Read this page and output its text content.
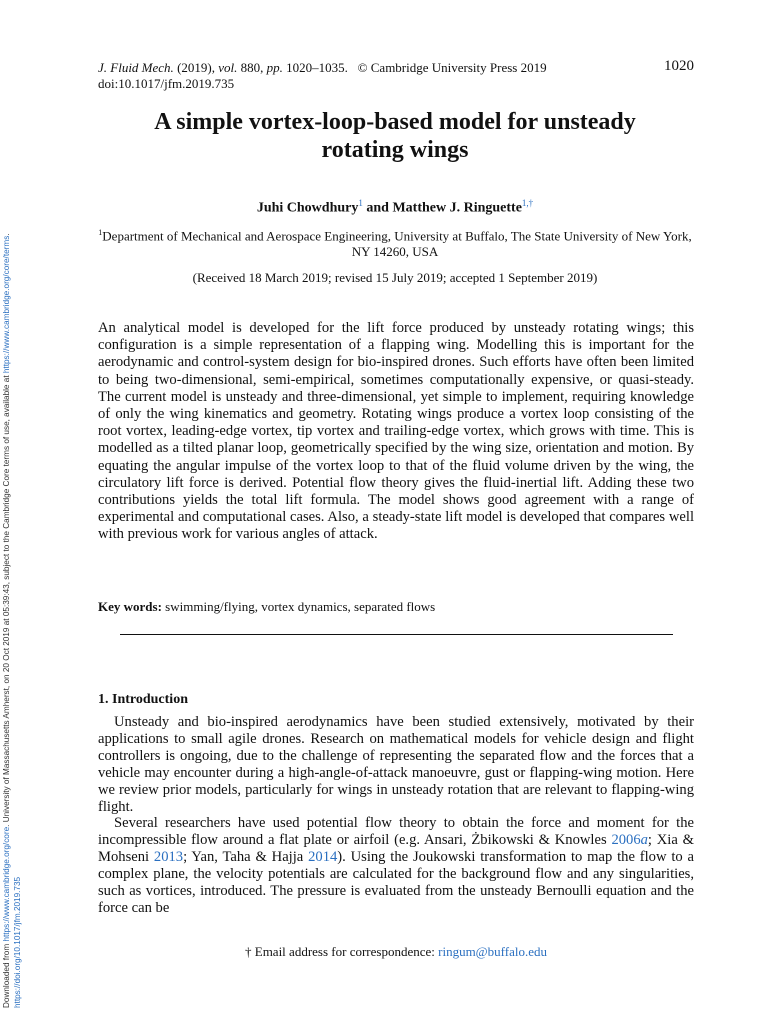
Downloaded from https://www.cambridge.org/core. University of Massachusetts Amherst, on 20 Oct 2019 at 05:39:43, subject to the Cambridge Core terms of use, available at https://www.cambridge.org/core/terms.
https://doi.org/10.1017/jfm.2019.735
J. Fluid Mech. (2019), vol. 880, pp. 1020–1035. © Cambridge University Press 2019
doi:10.1017/jfm.2019.735
1020
A simple vortex-loop-based model for unsteady
rotating wings
Juhi Chowdhury$^1$ and Matthew J. Ringuette$^{1,\dagger}$
$^1$Department of Mechanical and Aerospace Engineering, University at Buffalo, The State University of New York, NY 14260, USA
(Received 18 March 2019; revised 15 July 2019; accepted 1 September 2019)
An analytical model is developed for the lift force produced by unsteady rotating wings; this configuration is a simple representation of a flapping wing. Modelling this is important for the aerodynamic and control-system design for bio-inspired drones. Such efforts have often been limited to being two-dimensional, semi-empirical, sometimes computationally expensive, or quasi-steady. The current model is unsteady and three-dimensional, yet simple to implement, requiring knowledge of only the wing kinematics and geometry. Rotating wings produce a vortex loop consisting of the root vortex, leading-edge vortex, tip vortex and trailing-edge vortex, which grows with time. This is modelled as a tilted planar loop, geometrically specified by the wing size, orientation and motion. By equating the angular impulse of the vortex loop to that of the fluid volume driven by the wing, the circulatory lift force is derived. Potential flow theory gives the fluid-inertial lift. Adding these two contributions yields the total lift formula. The model shows good agreement with a range of experimental and computational cases. Also, a steady-state lift model is developed that compares well with previous work for various angles of attack.
Key words: swimming/flying, vortex dynamics, separated flows
1. Introduction

Unsteady and bio-inspired aerodynamics have been studied extensively, motivated by their applications to small agile drones. Research on mathematical models for vehicle design and flight controllers is ongoing, due to the challenge of representing the separated flow and the forces that a vehicle may encounter during a high-angle-of-attack manoeuvre, gust or flapping-wing motion. Here we review prior models, particularly for wings in unsteady rotation that are relevant to flapping-wing flight.

Several researchers have used potential flow theory to obtain the force and moment for the incompressible flow around a flat plate or airfoil (e.g. Ansari, Żbikowski & Knowles 2006a; Xia & Mohseni 2013; Yan, Taha & Hajja 2014). Using the Joukowski transformation to map the flow to a complex plane, the velocity potentials are calculated for the background flow and any singularities, such as vortices, introduced. The pressure is evaluated from the unsteady Bernoulli equation and the force can be

† Email address for correspondence: ringum@buffalo.edu
